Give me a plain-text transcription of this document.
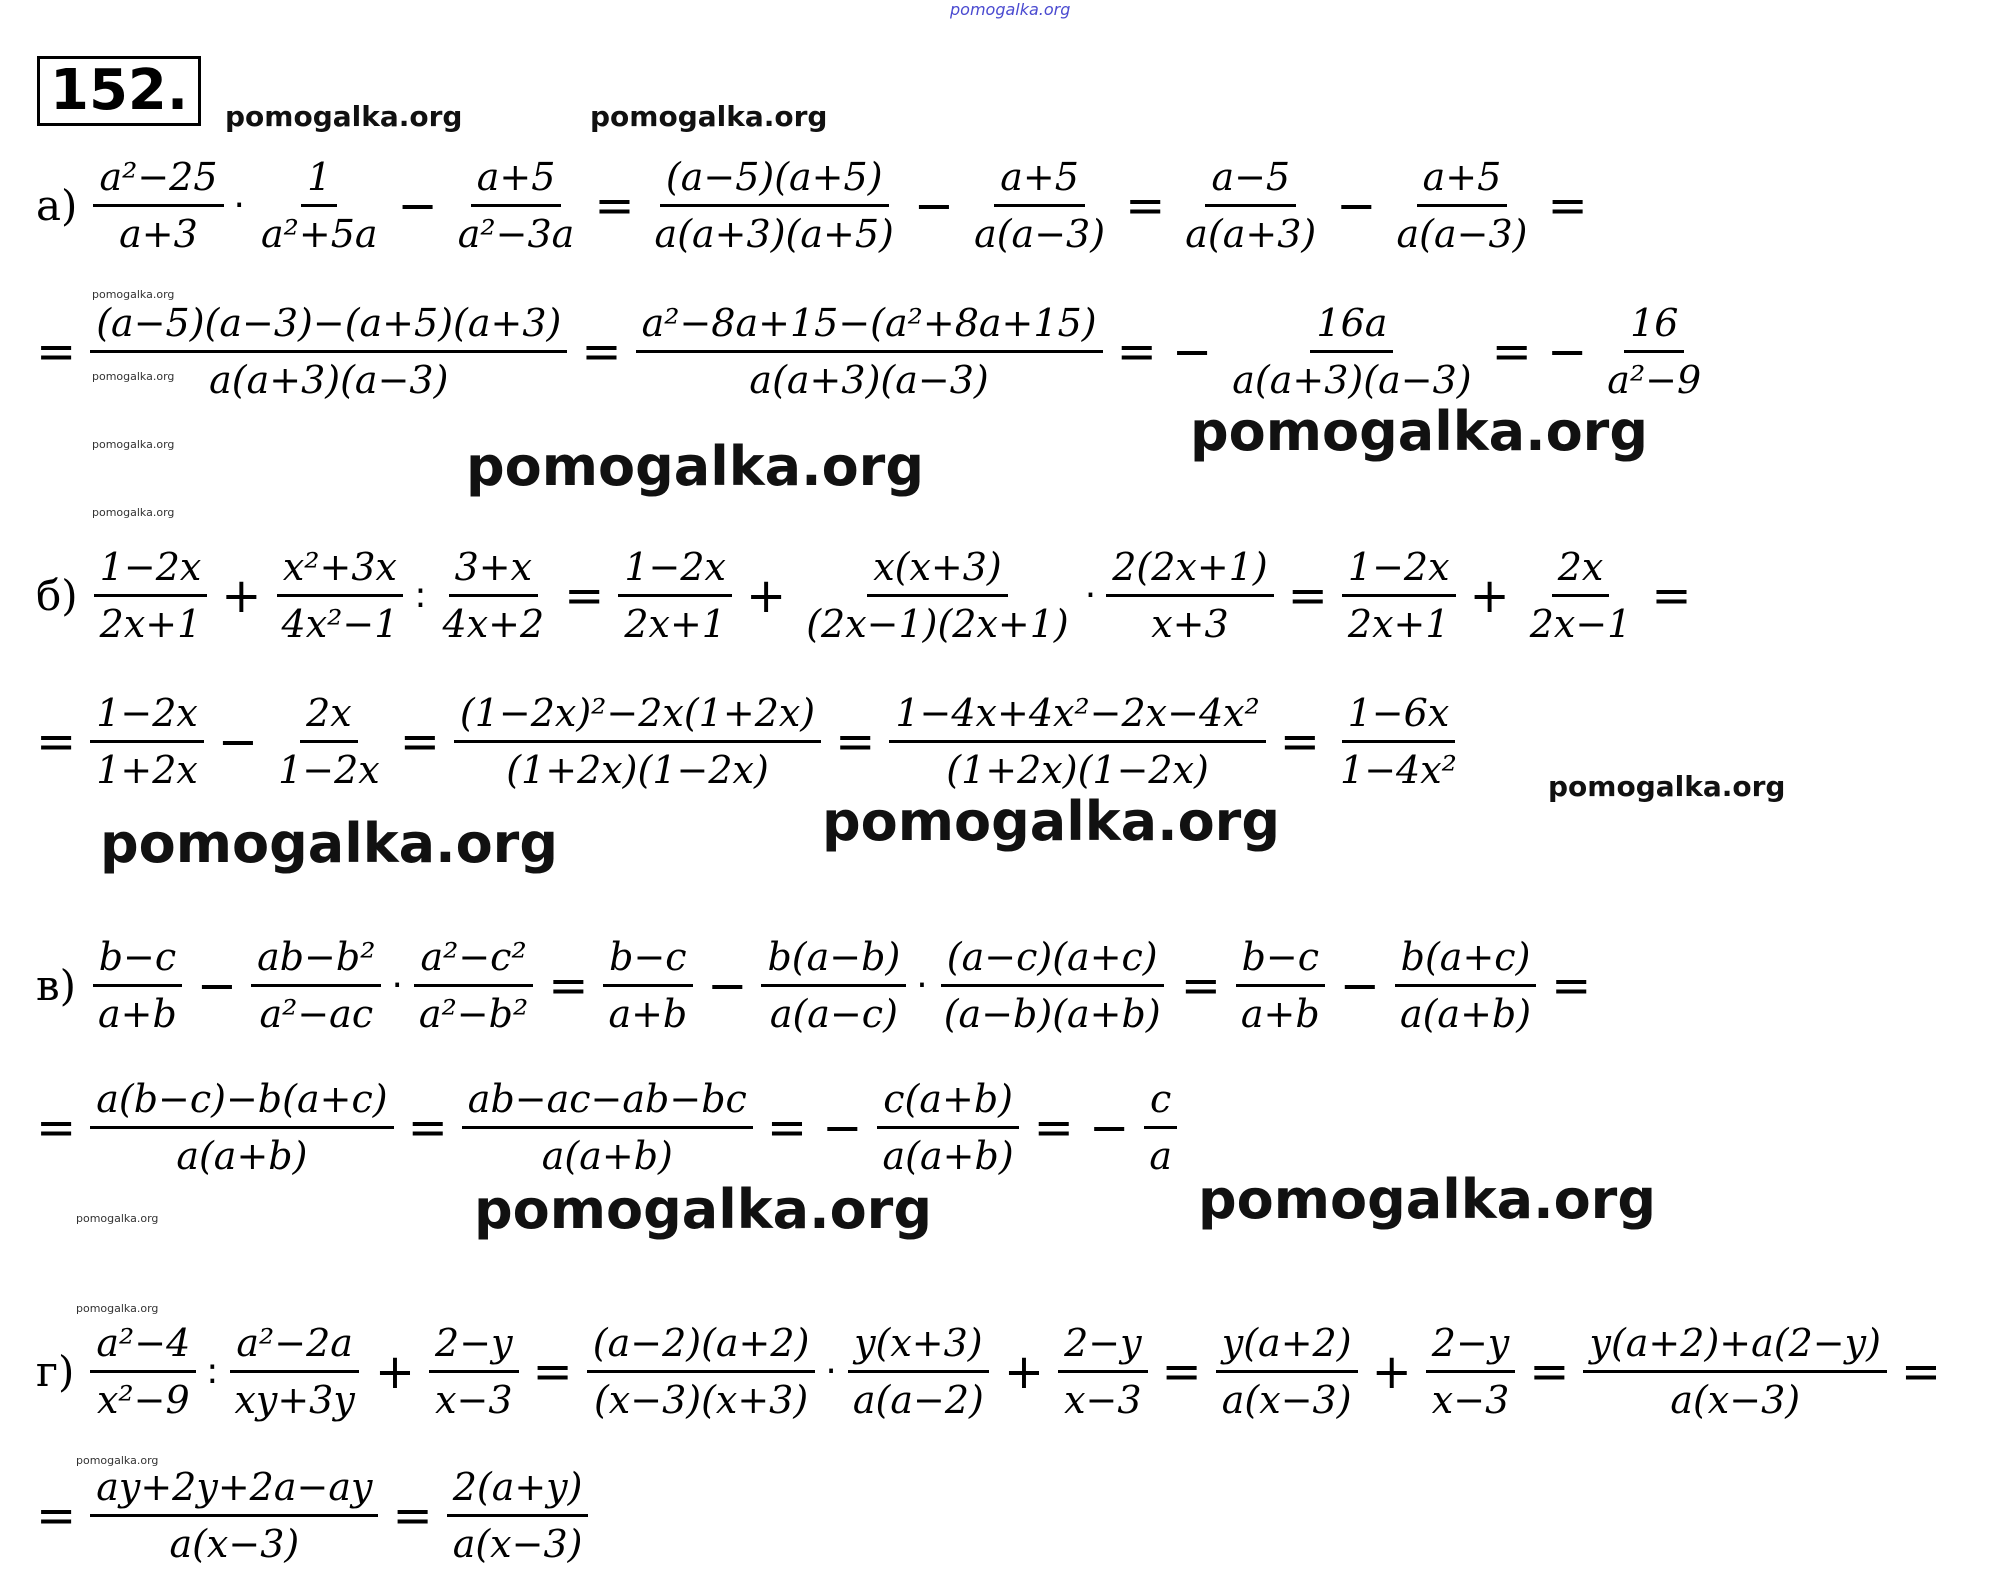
pomogalka.org
152.	pomogalka.org	pomogalka.org
$а) \frac{\text{a²−25}}{a+3} \cdot \frac{1}{\text{a²+5a}} - \frac{a+5}{\text{a²−3a}} = \frac{(a-5)(a+5)}{a(a+3)(a+5)} - \frac{a+5}{a(a-3)} = \frac{a-5}{a(a+3)} - \frac{a+5}{a(a-3)}$ =
pomogalka.org
pomogalka.org
= $\frac{(a-5)(a-3)-(a+5)(a+3)}{a(a+3)(a-3)} = \frac{\text{a²−8a+15−(a²+8a+15)}}{a(a+3)(a-3)}$ = − $\frac{16a}{a(a+3)(a-3)}$ = − $\frac{16}{\text{a²−9}}$
pomogalka.org
pomogalka.org	pomogalka.org
pomogalka.org
$б) \frac{1-2x}{2x+1} + \frac{\text{x²+3x}}{\text{4x²−1}}$ : $\frac{3+x}{4x+2} = \frac{1-2x}{2x+1} + \frac{x(x+3)}{(2x-1)(2x+1)} \cdot \frac{2(2x+1)}{x+3} = \frac{1-2x}{2x+1} + \frac{2x}{2x-1}$ =
= $\frac{1-2x}{1+2x} - \frac{2x}{1-2x} = \frac{\text{(1−2x)²−2x(1+2x)}}{(1+2x)(1-2x)} = \frac{\text{1−4x+4x²−2x−4x²}}{(1+2x)(1-2x)} = \frac{1-6x}{\text{1−4x²}}$	pomogalka.org
pomogalka.org
pomogalka.org
$в) \frac{b-c}{a+b} - \frac{\text{ab−b²}}{\text{a²−ac}} \cdot \frac{\text{a²−c²}}{\text{a²−b²}} = \frac{b-c}{a+b} - \frac{b(a-b)}{a(a-c)} \cdot \frac{(a-c)(a+c)}{(a-b)(a+b)} = \frac{b-c}{a+b} - \frac{b(a+c)}{a(a+b)}$ =
= $\frac{a(b-c)-b(a+c)}{a(a+b)} = \frac{ab-ac-ab-bc}{a(a+b)}$ = − $\frac{c(a+b)}{a(a+b)}$ = − $\frac{c}{a}$
pomogalka.org	pomogalka.org
pomogalka.org
pomogalka.org
$г) \frac{\text{a²−4}}{\text{x²−9}}$ : $\frac{\text{a²−2a}}{xy+3y} + \frac{2-y}{x-3} = \frac{(a-2)(a+2)}{(x-3)(x+3)} \cdot \frac{y(x+3)}{a(a-2)} + \frac{2-y}{x-3} = \frac{y(a+2)}{a(x-3)} + \frac{2-y}{x-3} = \frac{y(a+2)+a(2-y)}{a(x-3)}$ =
pomogalka.org
= $\frac{ay+2y+2a-ay}{a(x-3)} = \frac{2(a+y)}{a(x-3)}$
